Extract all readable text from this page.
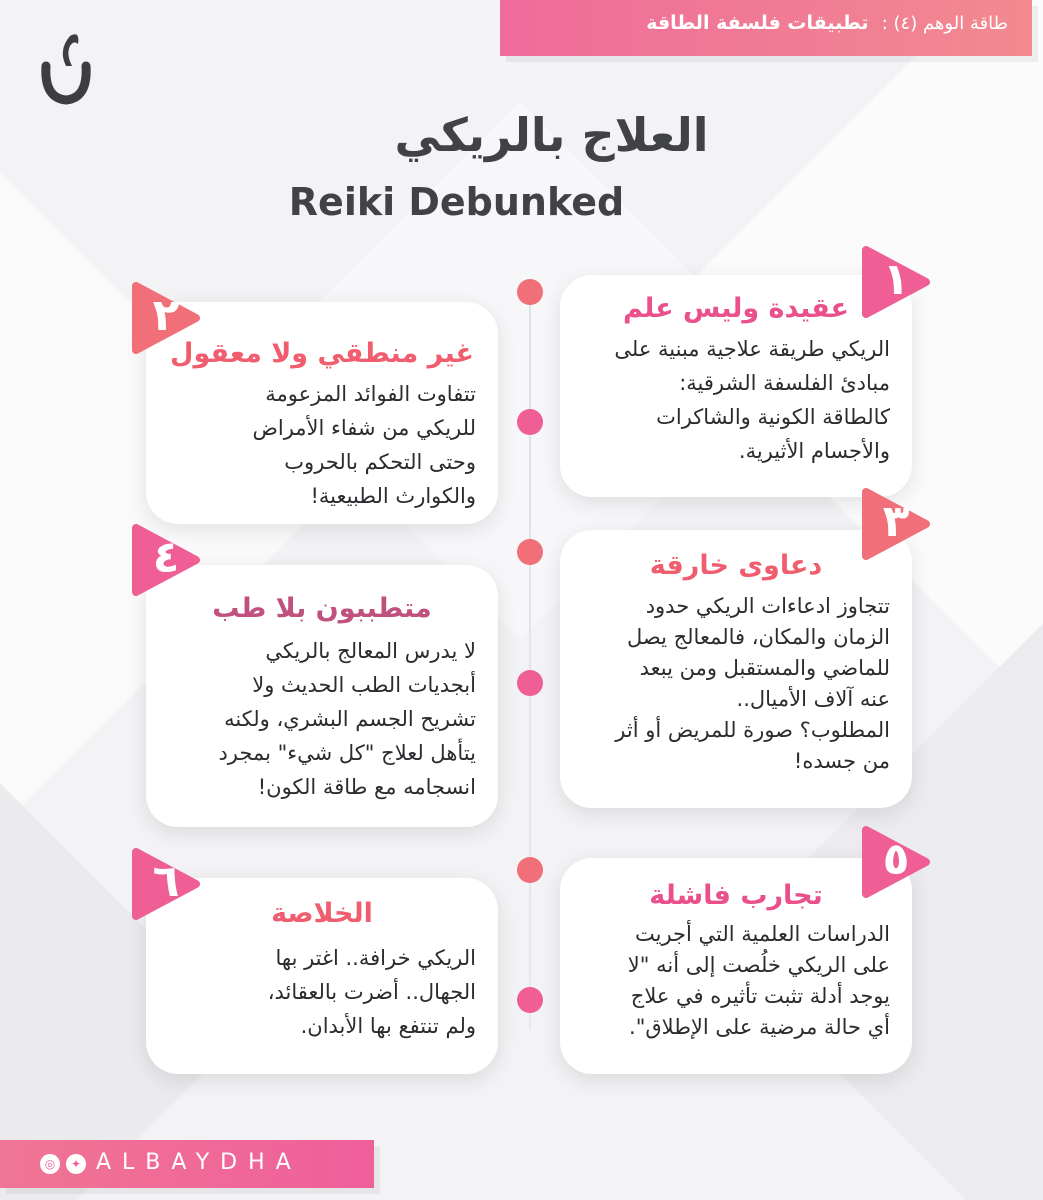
طاقة الوهم (٤) :  تطبيقات فلسفة الطاقة
العلاج بالريكي
Reiki Debunked
عقيدة وليس علم

الريكي طريقة علاجية مبنية على
مبادئ الفلسفة الشرقية:
كالطاقة الكونية والشاكرات
والأجسام الأثيرية.

١
غير منطقي ولا معقول

تتفاوت الفوائد المزعومة
للريكي من شفاء الأمراض
وحتى التحكم بالحروب
والكوارث الطبيعية!

٢
دعاوى خارقة

تتجاوز ادعاءات الريكي حدود
الزمان والمكان، فالمعالج يصل
للماضي والمستقبل ومن يبعد
عنه آلاف الأميال..
المطلوب؟ صورة للمريض أو أثر
من جسده!

٣
متطببون بلا طب

لا يدرس المعالج بالريكي
أبجديات الطب الحديث ولا
تشريح الجسم البشري، ولكنه
يتأهل لعلاج "كل شيء" بمجرد
انسجامه مع طاقة الكون!

٤
تجارب فاشلة

الدراسات العلمية التي أجريت
على الريكي خلُصت إلى أنه "لا
يوجد أدلة تثبت تأثيره في علاج
أي حالة مرضية على الإطلاق".

٥
الخلاصة

الريكي خرافة.. اغتر بها
الجهال.. أضرت بالعقائد،
ولم تنتفع بها الأبدان.

٦
◎	✦ ALBAYDHA
